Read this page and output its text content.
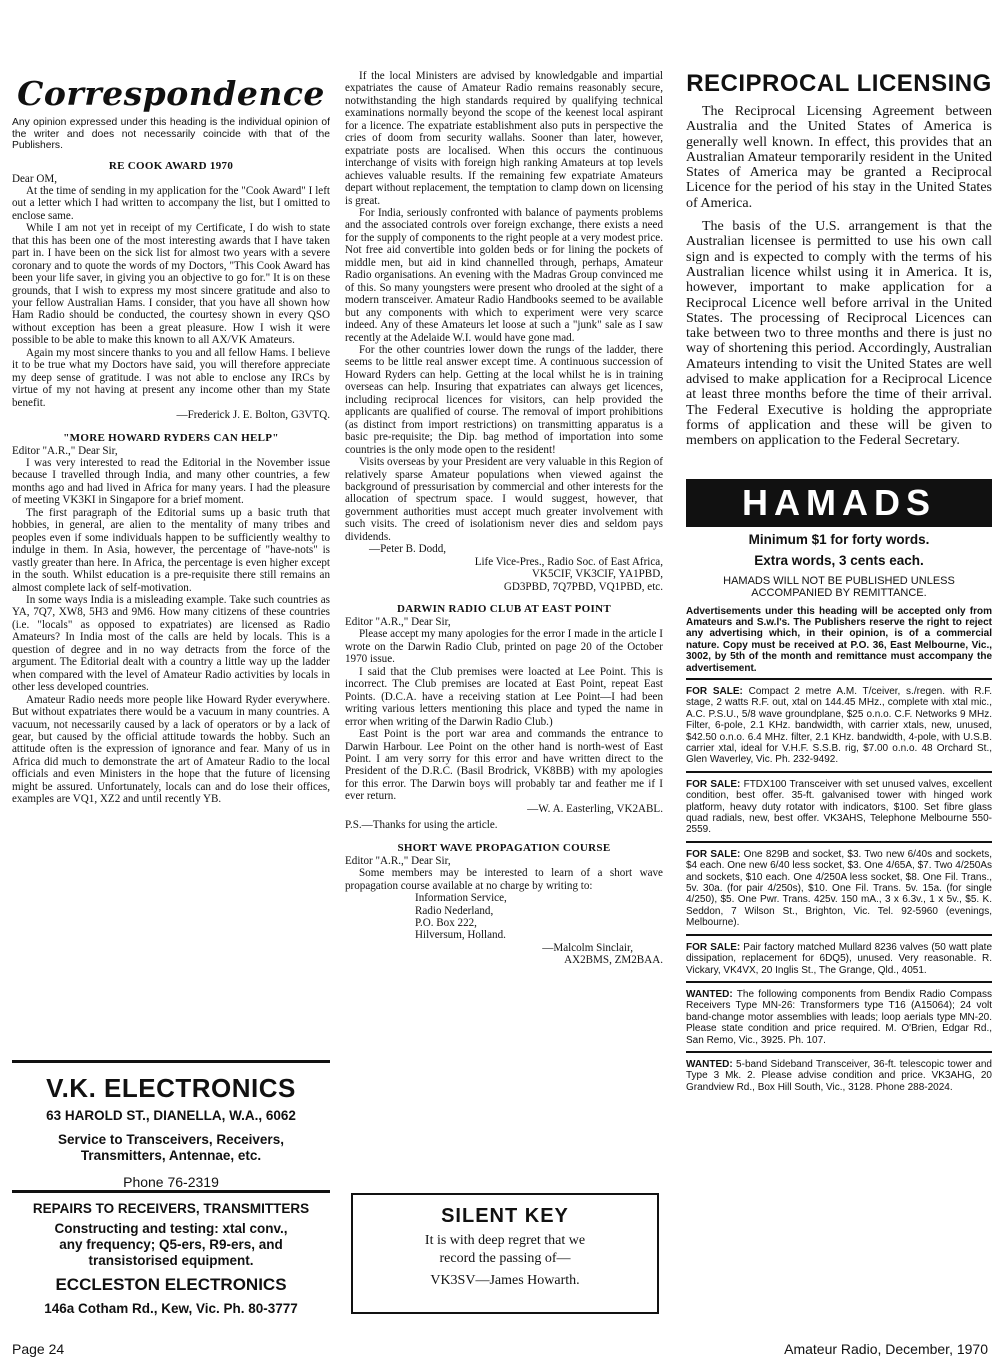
Correspondence

Any opinion expressed under this heading is the individual opinion of the writer and does not necessarily coincide with that of the Publishers.

RE COOK AWARD 1970

Dear OM,

At the time of sending in my application for the "Cook Award" I left out a letter which I had written to accompany the list, but I omitted to enclose same.

While I am not yet in receipt of my Certificate, I do wish to state that this has been one of the most interesting awards that I have taken part in. I have been on the sick list for almost two years with a severe coronary and to quote the words of my Doctors, "This Cook Award has been your life saver, in giving you an objective to go for." It is on these grounds, that I wish to express my most sincere gratitude and also to your fellow Australian Hams. I consider, that you have all shown how Ham Radio should be conducted, the courtesy shown in every QSO without exception has been a great pleasure. How I wish it were possible to be able to make this known to all AX/VK Amateurs.

Again my most sincere thanks to you and all fellow Hams. I believe it to be true what my Doctors have said, you will therefore appreciate my deep sense of gratitude. I was not able to enclose any IRCs by virtue of my not having at present any income other than my State benefit.

—Frederick J. E. Bolton, G3VTQ.

"MORE HOWARD RYDERS CAN HELP"

Editor "A.R.," Dear Sir,

I was very interested to read the Editorial in the November issue because I travelled through India, and many other countries, a few months ago and had lived in Africa for many years. I had the pleasure of meeting VK3KI in Singapore for a brief moment.

The first paragraph of the Editorial sums up a basic truth that hobbies, in general, are alien to the mentality of many tribes and peoples even if some individuals happen to be sufficiently wealthy to indulge in them. In Asia, however, the percentage of "have-nots" is vastly greater than here. In Africa, the percentage is even higher except in the south. Whilst education is a pre-requisite there still remains an almost complete lack of self-motivation.

In some ways India is a misleading example. Take such countries as YA, 7Q7, XW8, 5H3 and 9M6. How many citizens of these countries (i.e. "locals" as opposed to expatriates) are licensed as Radio Amateurs? In India most of the calls are held by locals. This is a question of degree and in no way detracts from the force of the argument. The Editorial dealt with a country a little way up the ladder when compared with the level of Amateur Radio activities by locals in other less developed countries.

Amateur Radio needs more people like Howard Ryder everywhere. But without expatriates there would be a vacuum in many countries. A vacuum, not necessarily caused by a lack of operators or by a lack of gear, but caused by the official attitude towards the hobby. Such an attitude often is the expression of ignorance and fear. Many of us in Africa did much to demonstrate the art of Amateur Radio to the local officials and even Ministers in the hope that the future of licensing might be assured. Unfortunately, locals can and do lose their offices, examples are VQ1, XZ2 and until recently YB.

V.K. ELECTRONICS
63 HAROLD ST., DIANELLA, W.A., 6062
Service to Transceivers, Receivers,
Transmitters, Antennae, etc.
Phone 76-2319
REPAIRS TO RECEIVERS, TRANSMITTERS
Constructing and testing: xtal conv.,
any frequency; Q5-ers, R9-ers, and
transistorised equipment.
ECCLESTON ELECTRONICS
146a Cotham Rd., Kew, Vic. Ph. 80-3777

If the local Ministers are advised by knowledgable and impartial expatriates the cause of Amateur Radio remains reasonably secure, notwithstanding the high standards required by qualifying technical examinations normally beyond the scope of the keenest local aspirant for a licence. The expatriate establishment also puts in perspective the cries of doom from security wallahs. Sooner than later, however, expatriate posts are localised. When this occurs the continuous interchange of visits with foreign high ranking Amateurs at top levels achieves valuable results. If the remaining few expatriate Amateurs depart without replacement, the temptation to clamp down on licensing is great.

For India, seriously confronted with balance of payments problems and the associated controls over foreign exchange, there exists a need for the supply of components to the right people at a very modest price. Not free aid convertible into golden beds or for lining the pockets of middle men, but aid in kind channelled through, perhaps, Amateur Radio organisations. An evening with the Madras Group convinced me of this. So many youngsters were present who drooled at the sight of a modern transceiver. Amateur Radio Handbooks seemed to be available but any components with which to experiment were very scarce indeed. Any of these Amateurs let loose at such a "junk" sale as I saw recently at the Adelaide W.I. would have gone mad.

For the other countries lower down the rungs of the ladder, there seems to be little real answer except time. A continuous succession of Howard Ryders can help. Getting at the local whilst he is in training overseas can help. Insuring that expatriates can always get licences, including reciprocal licences for visitors, can help provided the applicants are qualified of course. The removal of import prohibitions (as distinct from import restrictions) on transmitting apparatus is a basic pre-requisite; the Dip. bag method of importation into some countries is the only mode open to the resident!

Visits overseas by your President are very valuable in this Region of relatively sparse Amateur populations when viewed against the background of pressurisation by commercial and other interests for the allocation of spectrum space. I would suggest, however, that government authorities must accept much greater involvement with such visits. The creed of isolationism never dies and seldom pays dividends.

—Peter B. Dodd,

Life Vice-Pres., Radio Soc. of East Africa,

VK5CIF, VK3CIF, YA1PBD,

GD3PBD, 7Q7PBD, VQ1PBD, etc.

DARWIN RADIO CLUB AT EAST POINT

Editor "A.R.," Dear Sir,

Please accept my many apologies for the error I made in the article I wrote on the Darwin Radio Club, printed on page 20 of the October 1970 issue.

I said that the Club premises were loacted at Lee Point. This is incorrect. The Club premises are located at East Point, repeat East Points. (D.C.A. have a receiving station at Lee Point—I had been writing various letters mentioning this place and typed the name in error when writing of the Darwin Radio Club.)

East Point is the port war area and commands the entrance to Darwin Harbour. Lee Point on the other hand is north-west of East Point. I am very sorry for this error and have written direct to the President of the D.R.C. (Basil Brodrick, VK8BB) with my apologies for this error. The Darwin boys will probably tar and feather me if I ever return.

—W. A. Easterling, VK2ABL.

P.S.—Thanks for using the article.

SHORT WAVE PROPAGATION COURSE

Editor "A.R.," Dear Sir,

Some members may be interested to learn of a short wave propagation course available at no charge by writing to:

Information Service,

Radio Nederland,

P.O. Box 222,

Hilversum, Holland.

—Malcolm Sinclair,

AX2BMS, ZM2BAA.

SILENT KEY

It is with deep regret that we

record the passing of—

VK3SV—James Howarth.

RECIPROCAL LICENSING

The Reciprocal Licensing Agreement between Australia and the United States of America is generally well known. In effect, this provides that an Australian Amateur temporarily resident in the United States of America may be granted a Reciprocal Licence for the period of his stay in the United States of America.

The basis of the U.S. arrangement is that the Australian licensee is permitted to use his own call sign and is expected to comply with the terms of his Australian licence whilst using it in America. It is, however, important to make application for a Reciprocal Licence well before arrival in the United States. The processing of Reciprocal Licences can take between two to three months and there is just no way of shortening this period. Accordingly, Australian Amateurs intending to visit the United States are well advised to make application for a Reciprocal Licence at least three months before the time of their arrival. The Federal Executive is holding the appropriate forms of application and these will be given to members on application to the Federal Secretary.

HAMADS
Minimum $1 for forty words.
Extra words, 3 cents each.
HAMADS WILL NOT BE PUBLISHED UNLESS ACCOMPANIED BY REMITTANCE.
Advertisements under this heading will be accepted only from Amateurs and S.w.l's. The Publishers reserve the right to reject any advertising which, in their opinion, is of a commercial nature. Copy must be received at P.O. 36, East Melbourne, Vic., 3002, by 5th of the month and remittance must accompany the advertisement.
FOR SALE: Compact 2 metre A.M. T/ceiver, s./regen. with R.F. stage, 2 watts R.F. out, xtal on 144.45 MHz., complete with xtal mic., A.C. P.S.U., 5/8 wave groundplane, $25 o.n.o. C.F. Networks 9 MHz. Filter, 6-pole, 2.1 KHz. bandwidth, with carrier xtals, new, unused, $42.50 o.n.o. 6.4 MHz. filter, 2.1 KHz. bandwidth, 4-pole, with U.S.B. carrier xtal, ideal for V.H.F. S.S.B. rig, $7.00 o.n.o. 48 Orchard St., Glen Waverley, Vic. Ph. 232-9492.
FOR SALE: FTDX100 Transceiver with set unused valves, excellent condition, best offer. 35-ft. galvanised tower with hinged work platform, heavy duty rotator with indicators, $100. Set fibre glass quad radials, new, best offer. VK3AHS, Telephone Melbourne 550-2559.
FOR SALE: One 829B and socket, $3. Two new 6/40s and sockets, $4 each. One new 6/40 less socket, $3. One 4/65A, $7. Two 4/250As and sockets, $10 each. One 4/250A less socket, $8. One Fil. Trans., 5v. 30a. (for pair 4/250s), $10. One Fil. Trans. 5v. 15a. (for single 4/250), $5. One Pwr. Trans. 425v. 150 mA., 3 x 6.3v., 1 x 5v., $5. K. Seddon, 7 Wilson St., Brighton, Vic. Tel. 92-5960 (evenings, Melbourne).
FOR SALE: Pair factory matched Mullard 8236 valves (50 watt plate dissipation, replacement for 6DQ5), unused. Very reasonable. R. Vickary, VK4VX, 20 Inglis St., The Grange, Qld., 4051.
WANTED: The following components from Bendix Radio Compass Receivers Type MN-26: Transformers type T16 (A15064); 24 volt band-change motor assemblies with leads; loop aerials type MN-20. Please state condition and price required. M. O'Brien, Edgar Rd., San Remo, Vic., 3925. Ph. 107.
WANTED: 5-band Sideband Transceiver, 36-ft. telescopic tower and Type 3 Mk. 2. Please advise condition and price. VK3AHG, 20 Grandview Rd., Box Hill South, Vic., 3128. Phone 288-2024.
Page 24	Amateur Radio, December, 1970
